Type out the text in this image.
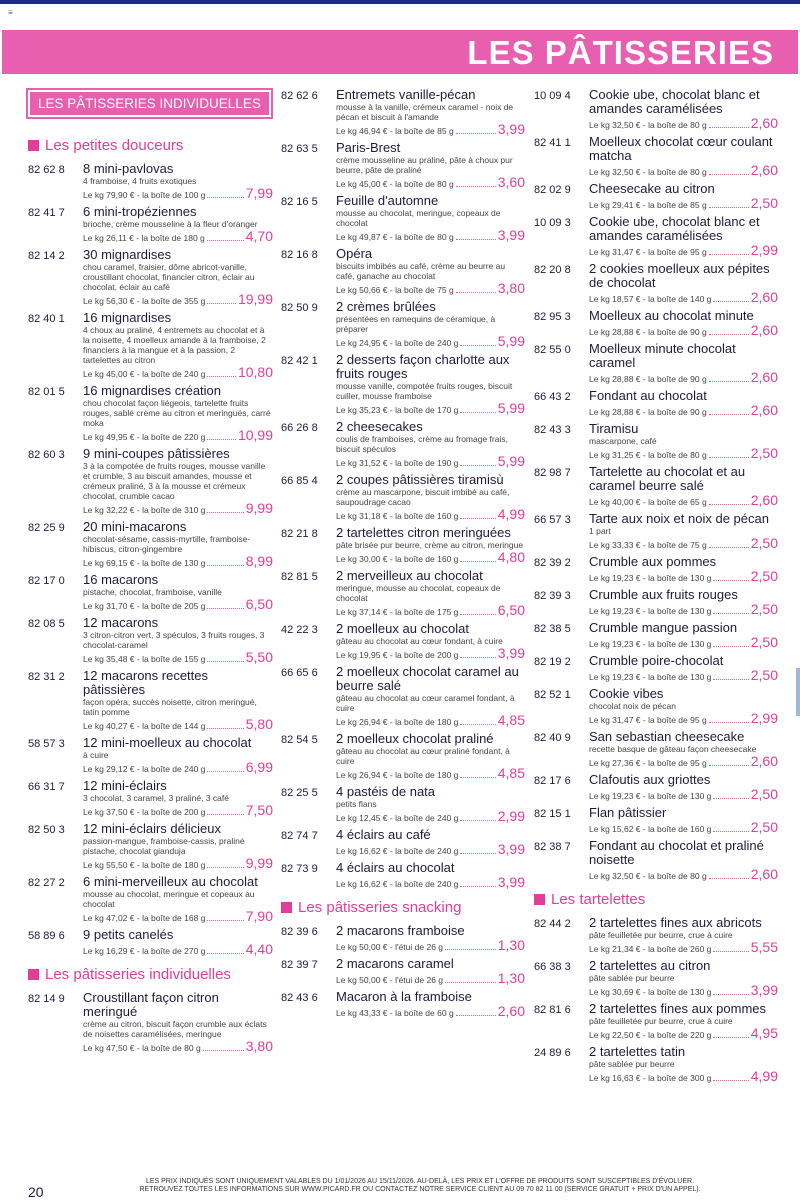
≡
LES PÂTISSERIES
LES PÂTISSERIES INDIVIDUELLES
Les petites douceurs
82 62 8	8 mini-pavlovas
4 framboise, 4 fruits exotiques
Le kg 79,90 € - la boîte de 100 g	7,99
82 41 7	6 mini-tropéziennes
brioche, crème mousseline à la fleur d'oranger
Le kg 26,11 € - la boîte de 180 g	4,70
82 14 2	30 mignardises
chou caramel, fraisier, dôme abricot-vanille, croustillant chocolat, financier citron, éclair au chocolat, éclair au café
Le kg 56,30 € - la boîte de 355 g 19,99
82 40 1	16 mignardises
4 choux au praliné, 4 entremets au chocolat et à la noisette, 4 moelleux amande à la framboise, 2 financiers à la mangue et à la passion, 2 tartelettes au citron
Le kg 45,00 € - la boîte de 240 g 10,80
82 01 5	16 mignardises création
chou chocolat façon liégeois, tartelette fruits rouges, sablé crème au citron et meringués, carré moka
Le kg 49,95 € - la boîte de 220 g 10,99
82 60 3	9 mini-coupes pâtissières
3 à la compotée de fruits rouges, mousse vanille et crumble, 3 au biscuit amandes, mousse et crémeux praliné, 3 à la mousse et crémeux chocolat, crumble cacao
Le kg 32,22 € - la boîte de 310 g	9,99
82 25 9	20 mini-macarons
chocolat-sésame, cassis-myrtille, framboise-hibiscus, citron-gingembre
Le kg 69,15 € - la boîte de 130 g	8,99
82 17 0	16 macarons
pistache, chocolat, framboise, vanille
Le kg 31,70 € - la boîte de 205 g	6,50
82 08 5	12 macarons
3 citron-citron vert, 3 spéculos, 3 fruits rouges, 3 chocolat-caramel
Le kg 35,48 € - la boîte de 155 g	5,50
82 31 2	12 macarons recettes pâtissières
façon opéra, succès noisette, citron meringué, tatin pomme
Le kg 40,27 € - la boîte de 144 g	5,80
58 57 3	12 mini-moelleux au chocolat
à cuire
Le kg 29,12 € - la boîte de 240 g	6,99
66 31 7	12 mini-éclairs
3 chocolat, 3 caramel, 3 praliné, 3 café
Le kg 37,50 € - la boîte de 200 g	7,50
82 50 3	12 mini-éclairs délicieux
passion-mangue, framboise-cassis, praliné pistache, chocolat gianduja
Le kg 55,50 € - la boîte de 180 g	9,99
82 27 2	6 mini-merveilleux au chocolat
mousse au chocolat, meringue et copeaux au chocolat
Le kg 47,02 € - la boîte de 168 g	7,90
58 89 6	9 petits canelés
Le kg 16,29 € - la boîte de 270 g	4,40
Les pâtisseries individuelles
82 14 9	Croustillant façon citron meringué
crème au citron, biscuit façon crumble aux éclats de noisettes caramélisées, meringue
Le kg 47,50 € - la boîte de 80 g	3,80
82 62 6	Entremets vanille-pécan
mousse à la vanille, crémeux caramel - noix de pécan et biscuit à l'amande
Le kg 46,94 € - la boîte de 85 g	3,99
82 63 5	Paris-Brest
crème mousseline au praliné, pâte à choux pur beurre, pâte de praliné
Le kg 45,00 € - la boîte de 80 g	3,60
82 16 5	Feuille d'automne
mousse au chocolat, meringue, copeaux de chocolat
Le kg 49,87 € - la boîte de 80 g	3,99
82 16 8	Opéra
biscuits imbibés au café, crème au beurre au café, ganache au chocolat
Le kg 50,66 € - la boîte de 75 g	3,80
82 50 9	2 crèmes brûlées
présentées en ramequins de céramique, à préparer
Le kg 24,95 € - la boîte de 240 g	5,99
82 42 1	2 desserts façon charlotte aux fruits rouges
mousse vanille, compotée fruits rouges, biscuit cuiller, mousse framboise
Le kg 35,23 € - la boîte de 170 g	5,99
66 26 8	2 cheesecakes
coulis de framboises, crème au fromage frais, biscuit spéculos
Le kg 31,52 € - la boîte de 190 g	5,99
66 85 4	2 coupes pâtissières tiramisù
crème au mascarpone, biscuit imbibé au café, saupoudrage cacao
Le kg 31,18 € - la boîte de 160 g	4,99
82 21 8	2 tartelettes citron meringuées
pâte brisée pur beurre, crème au citron, meringue
Le kg 30,00 € - la boîte de 160 g	4,80
82 81 5	2 merveilleux au chocolat
meringue, mousse au chocolat, copeaux de chocolat
Le kg 37,14 € - la boîte de 175 g	6,50
42 22 3	2 moelleux au chocolat
gâteau au chocolat au cœur fondant, à cuire
Le kg 19,95 € - la boîte de 200 g	3,99
66 65 6	2 moelleux chocolat caramel au beurre salé
gâteau au chocolat au cœur caramel fondant, à cuire
Le kg 26,94 € - la boîte de 180 g	4,85
82 54 5	2 moelleux chocolat praliné
gâteau au chocolat au cœur praliné fondant, à cuire
Le kg 26,94 € - la boîte de 180 g	4,85
82 25 5	4 pastéis de nata
petits flans
Le kg 12,45 € - la boîte de 240 g	2,99
82 74 7	4 éclairs au café
Le kg 16,62 € - la boîte de 240 g	3,99
82 73 9	4 éclairs au chocolat
Le kg 16,62 € - la boîte de 240 g	3,99
Les pâtisseries snacking
82 39 6	2 macarons framboise
Le kg 50,00 € - l'étui de 26 g	1,30
82 39 7	2 macarons caramel
Le kg 50,00 € - l'étui de 26 g	1,30
82 43 6	Macaron à la framboise
Le kg 43,33 € - la boîte de 60 g	2,60
10 09 4	Cookie ube, chocolat blanc et amandes caramélisées
Le kg 32,50 € - la boîte de 80 g	2,60
82 41 1	Moelleux chocolat cœur coulant matcha
Le kg 32,50 € - la boîte de 80 g	2,60
82 02 9	Cheesecake au citron
Le kg 29,41 € - la boîte de 85 g	2,50
10 09 3	Cookie ube, chocolat blanc et amandes caramélisées
Le kg 31,47 € - la boîte de 95 g	2,99
82 20 8	2 cookies moelleux aux pépites de chocolat
Le kg 18,57 € - la boîte de 140 g	2,60
82 95 3	Moelleux au chocolat minute
Le kg 28,88 € - la boîte de 90 g	2,60
82 55 0	Moelleux minute chocolat caramel
Le kg 28,88 € - la boîte de 90 g	2,60
66 43 2	Fondant au chocolat
Le kg 28,88 € - la boîte de 90 g	2,60
82 43 3	Tiramisu
mascarpone, café
Le kg 31,25 € - la boîte de 80 g	2,50
82 98 7	Tartelette au chocolat et au caramel beurre salé
Le kg 40,00 € - la boîte de 65 g	2,60
66 57 3	Tarte aux noix et noix de pécan
1 part
Le kg 33,33 € - la boîte de 75 g	2,50
82 39 2	Crumble aux pommes
Le kg 19,23 € - la boîte de 130 g	2,50
82 39 3	Crumble aux fruits rouges
Le kg 19,23 € - la boîte de 130 g	2,50
82 38 5	Crumble mangue passion
Le kg 19,23 € - la boîte de 130 g	2,50
82 19 2	Crumble poire-chocolat
Le kg 19,23 € - la boîte de 130 g	2,50
82 52 1	Cookie vibes
chocolat noix de pécan
Le kg 31,47 € - la boîte de 95 g	2,99
82 40 9	San sebastian cheesecake
recette basque de gâteau façon cheesecake
Le kg 27,36 € - la boîte de 95 g	2,60
82 17 6	Clafoutis aux griottes
Le kg 19,23 € - la boîte de 130 g	2,50
82 15 1	Flan pâtissier
Le kg 15,62 € - la boîte de 160 g	2,50
82 38 7	Fondant au chocolat et praliné noisette
Le kg 32,50 € - la boîte de 80 g	2,60
Les tartelettes
82 44 2	2 tartelettes fines aux abricots
pâte feuilletée pur beurre, crue à cuire
Le kg 21,34 € - la boîte de 260 g	5,55
66 38 3	2 tartelettes au citron
pâte sablée pur beurre
Le kg 30,69 € - la boîte de 130 g	3,99
82 81 6	2 tartelettes fines aux pommes
pâte feuilletée pur beurre, crue à cuire
Le kg 22,50 € - la boîte de 220 g	4,95
24 89 6	2 tartelettes tatin
pâte sablée pur beurre
Le kg 16,63 € - la boîte de 300 g	4,99
20
LES PRIX INDIQUÉS SONT UNIQUEMENT VALABLES DU 1/01/2026 AU 15/11/2026. AU-DELÀ, LES PRIX ET L'OFFRE DE PRODUITS SONT SUSCEPTIBLES D'ÉVOLUER.
RETROUVEZ TOUTES LES INFORMATIONS SUR WWW.PICARD.FR OU CONTACTEZ NOTRE SERVICE CLIENT AU 09 70 82 11 00 (SERVICE GRATUIT + PRIX D'UN APPEL).
